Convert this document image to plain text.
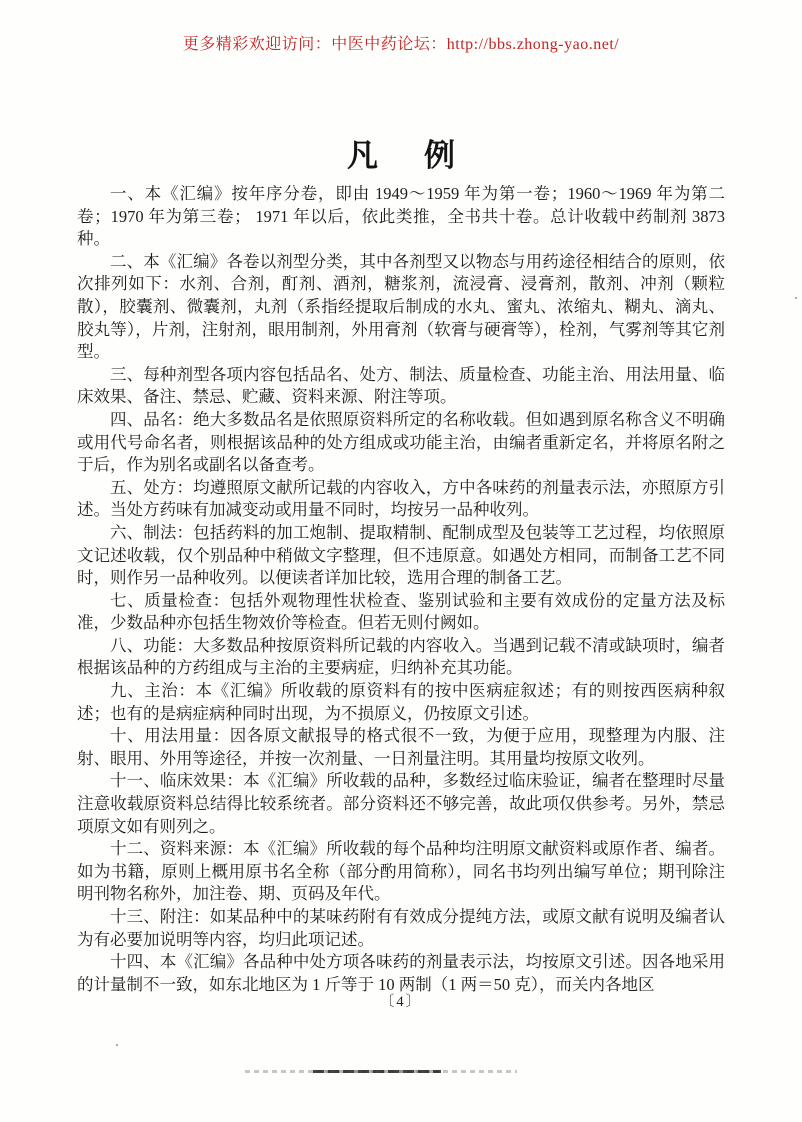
更多精彩欢迎访问：中医中药论坛：http://bbs.zhong-yao.net/
凡 例

一、本《汇编》按年序分卷，即由 1949～1959 年为第一卷；1960～1969 年为第二卷；1970 年为第三卷； 1971 年以后，依此类推，全书共十卷。总计收载中药制剂 3873 种。

二、本《汇编》各卷以剂型分类，其中各剂型又以物态与用药途径相结合的原则，依次排列如下：水剂、合剂，酊剂、酒剂，糖浆剂，流浸膏、浸膏剂，散剂、冲剂（颗粒散），胶囊剂、微囊剂，丸剂（系指经提取后制成的水丸、蜜丸、浓缩丸、糊丸、滴丸、胶丸等），片剂，注射剂，眼用制剂，外用膏剂（软膏与硬膏等），栓剂，气雾剂等其它剂型。

三、每种剂型各项内容包括品名、处方、制法、质量检查、功能主治、用法用量、临床效果、备注、禁忌、贮藏、资料来源、附注等项。

四、品名：绝大多数品名是依照原资料所定的名称收载。但如遇到原名称含义不明确或用代号命名者，则根据该品种的处方组成或功能主治，由编者重新定名，并将原名附之于后，作为别名或副名以备查考。

五、处方：均遵照原文献所记载的内容收入，方中各味药的剂量表示法，亦照原方引述。当处方药味有加减变动或用量不同时，均按另一品种收列。

六、制法：包括药料的加工炮制、提取精制、配制成型及包装等工艺过程，均依照原文记述收载，仅个别品种中稍做文字整理，但不违原意。如遇处方相同，而制备工艺不同时，则作另一品种收列。以便读者详加比较，选用合理的制备工艺。

七、质量检查：包括外观物理性状检查、鉴别试验和主要有效成份的定量方法及标准，少数品种亦包括生物效价等检查。但若无则付阙如。

八、功能：大多数品种按原资料所记载的内容收入。当遇到记载不清或缺项时，编者根据该品种的方药组成与主治的主要病症，归纳补充其功能。

九、主治：本《汇编》所收载的原资料有的按中医病症叙述；有的则按西医病种叙述；也有的是病症病种同时出现，为不损原义，仍按原文引述。

十、用法用量：因各原文献报导的格式很不一致，为便于应用，现整理为内服、注射、眼用、外用等途径，并按一次剂量、一日剂量注明。其用量均按原文收列。

十一、临床效果：本《汇编》所收载的品种，多数经过临床验证，编者在整理时尽量注意收载原资料总结得比较系统者。部分资料还不够完善，故此项仅供参考。另外，禁忌项原文如有则列之。

十二、资料来源：本《汇编》所收载的每个品种均注明原文献资料或原作者、编者。如为书籍，原则上概用原书名全称（部分酌用简称），同名书均列出编写单位；期刊除注明刊物名称外，加注卷、期、页码及年代。

十三、附注：如某品种中的某味药附有有效成分提纯方法，或原文献有说明及编者认为有必要加说明等内容，均归此项记述。

十四、本《汇编》各品种中处方项各味药的剂量表示法，均按原文引述。因各地采用的计量制不一致，如东北地区为 1 斤等于 10 两制（1 两＝50 克），而关内各地区

〔4〕
